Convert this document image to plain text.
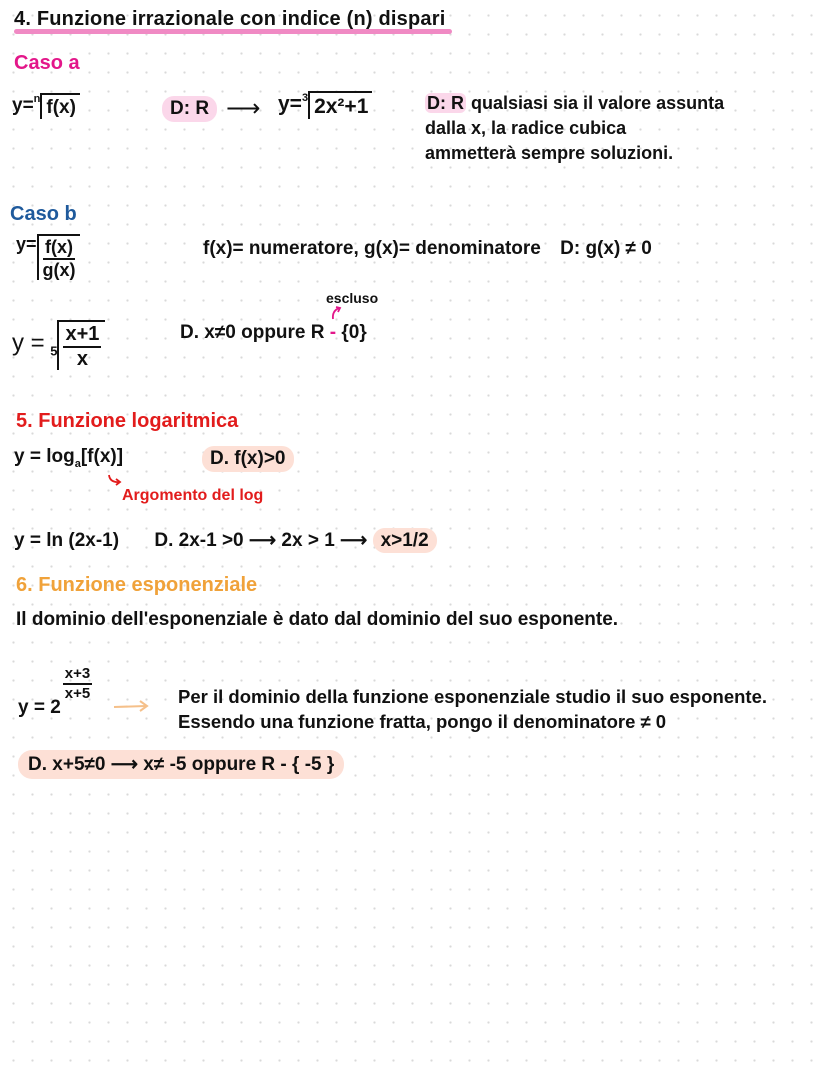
4. Funzione irrazionale con indice (n) dispari
Caso a
y=$^n$ f(x)	D: R ⟶ y=$^3$ 2x²+1	D: R qualsiasi sia il valore assunta
dalla x, la radice cubica
ammetterà sempre soluzioni.
Caso b
$y= \frac{f(x)}{g(x)}$	f(x)= numeratore, g(x)= denominatore D: g(x) ≠ 0
escluso
$y = _5 \frac{x+1}{x}$	D. x≠0 oppure R - {0}
5. Funzione logaritmica
$y = \log_a[f(x)]$	D. f(x)>0
Argomento del log
y = ln (2x-1) D. 2x-1 >0 ⟶ 2x > 1 ⟶ x>1/2
6. Funzione esponenziale
Il dominio dell'esponenziale è dato dal dominio del suo esponente.
y = 2
$\frac{x+3}{x+5}$	Per il dominio della funzione esponenziale studio il suo esponente.
Essendo una funzione fratta, pongo il denominatore ≠ 0
D. x+5≠0 ⟶ x≠ -5 oppure R - { -5 }
